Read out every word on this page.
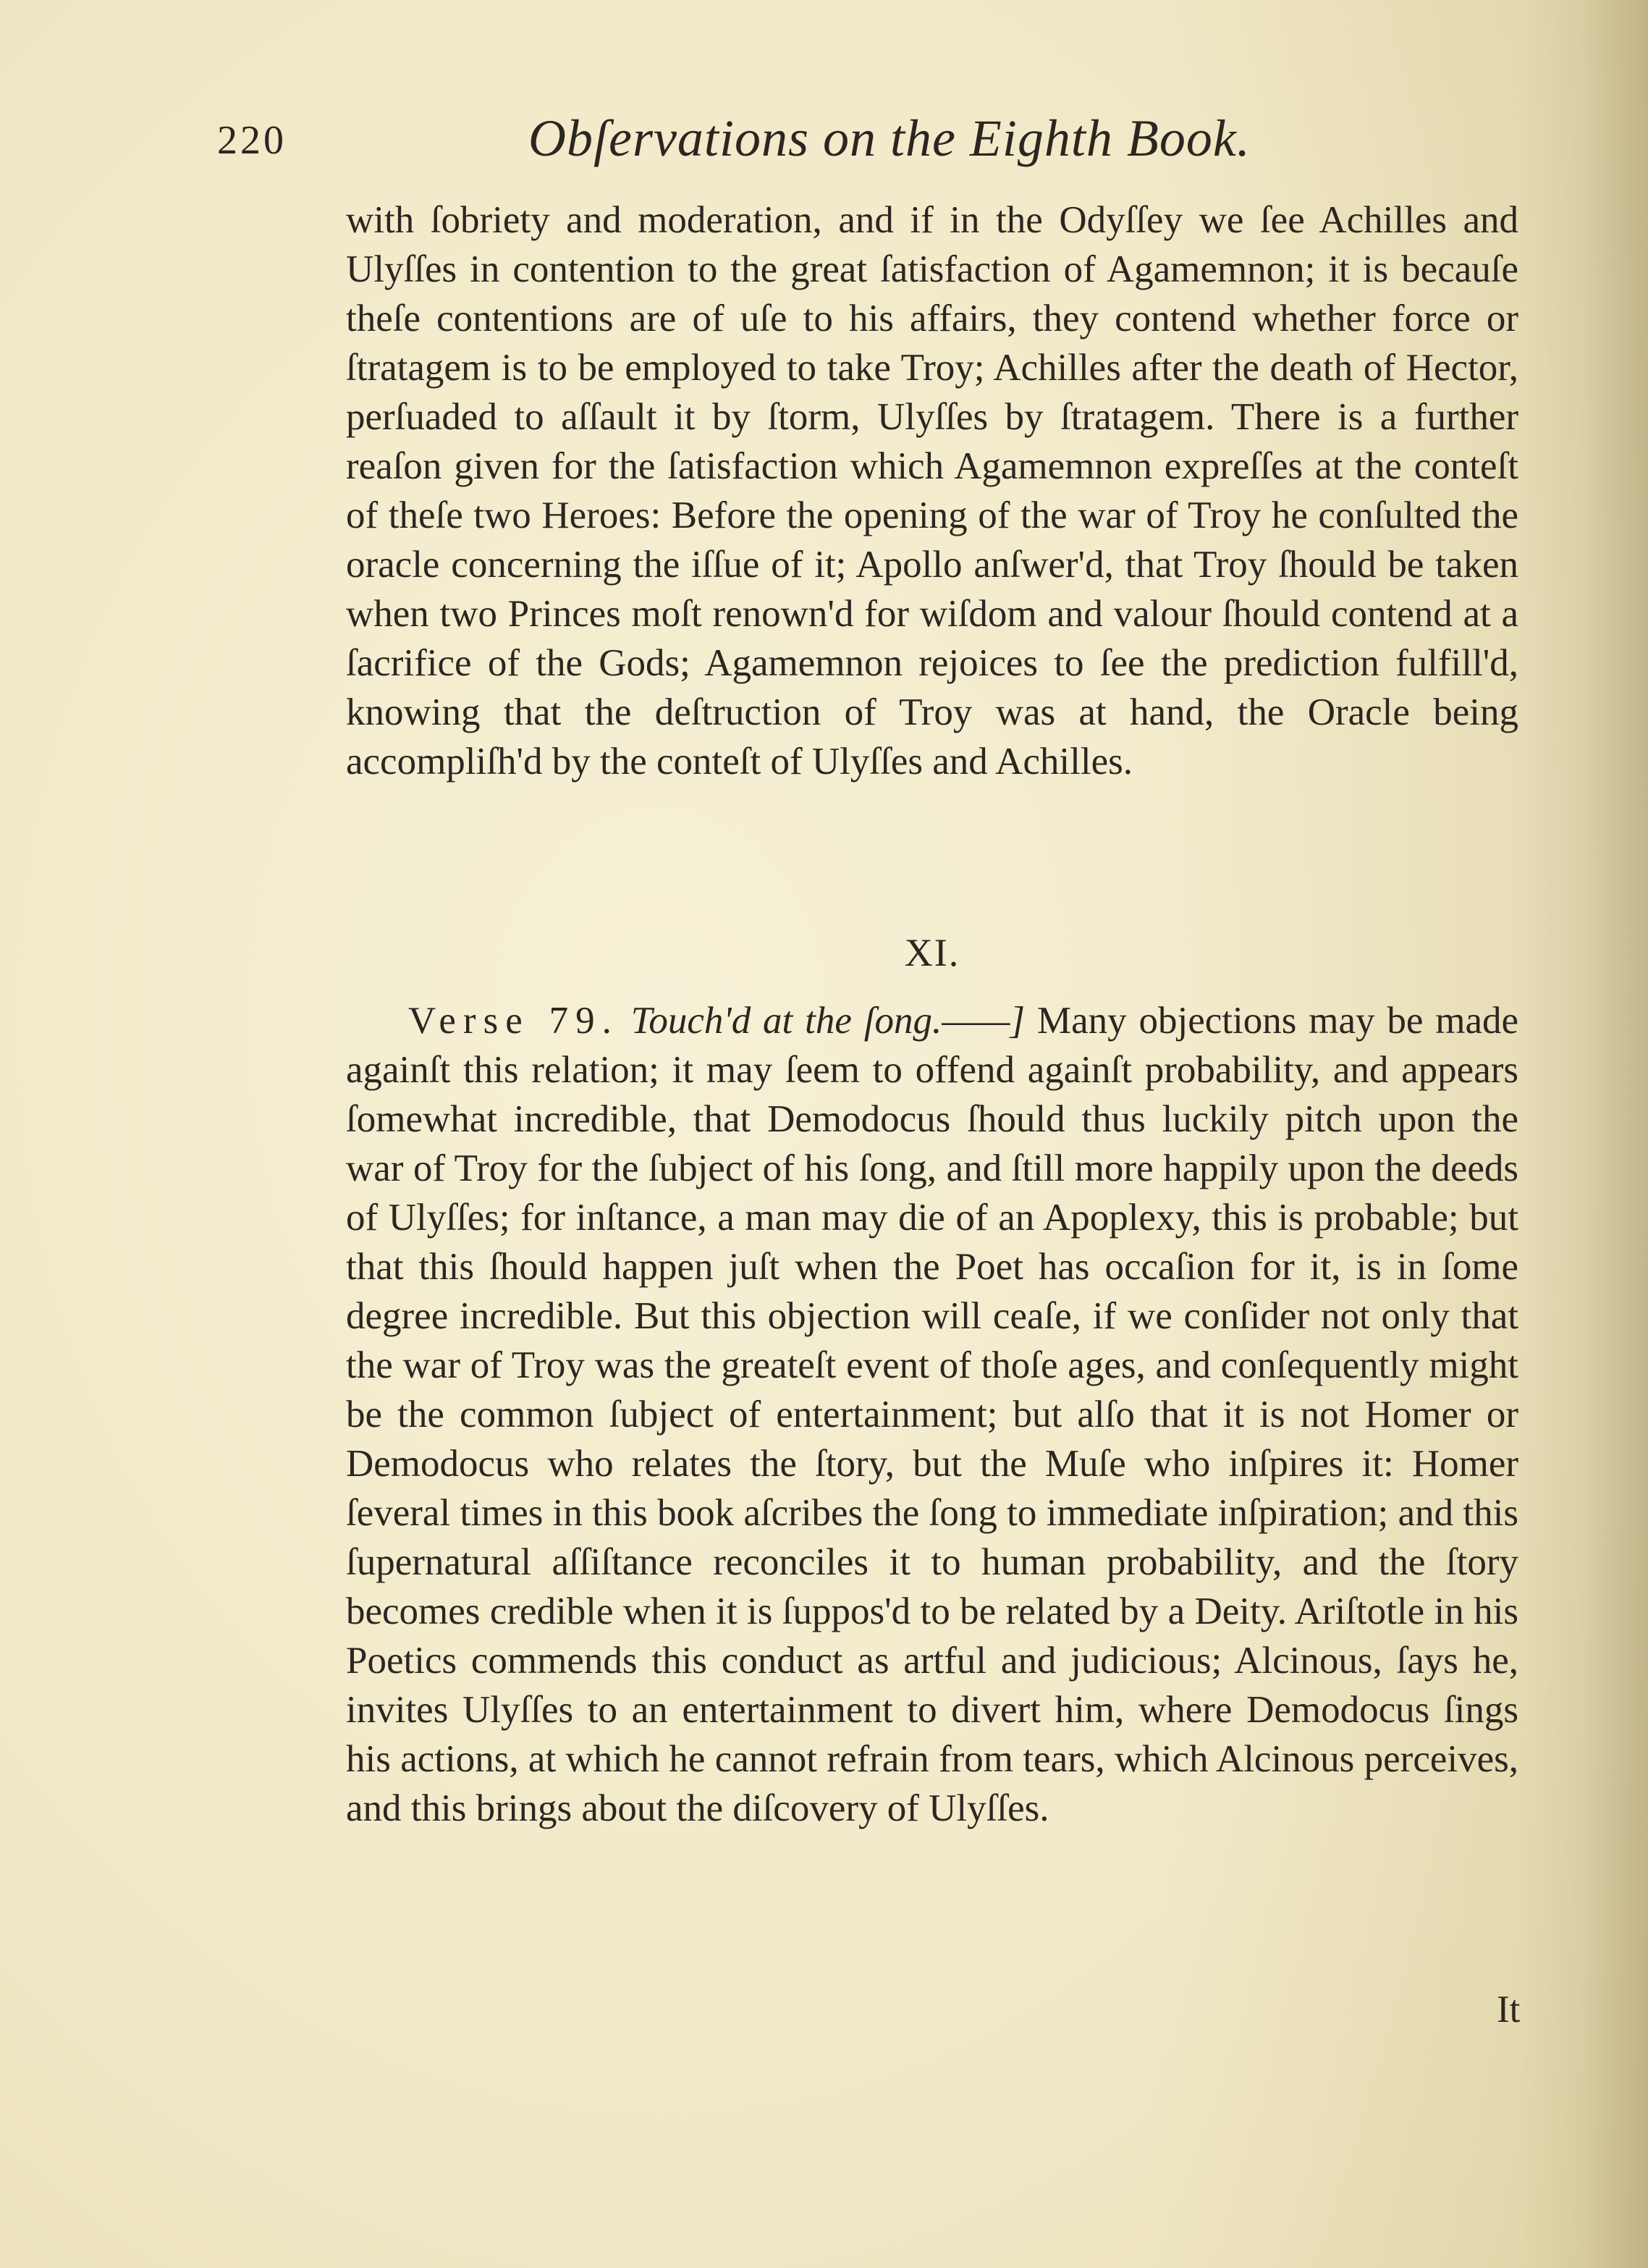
220	Obſervations on the Eighth Book.

with ſobriety and moderation, and if in the Odyſſey we ſee Achilles and Ulyſſes in contention to the great ſatisfaction of Agamemnon; it is becauſe theſe contentions are of uſe to his affairs, they contend whether force or ſtratagem is to be employed to take Troy; Achilles after the death of Hector, perſuaded to aſſault it by ſtorm, Ulyſſes by ſtratagem. There is a further reaſon given for the ſatisfaction which Agamemnon expreſſes at the conteſt of theſe two Heroes: Before the opening of the war of Troy he conſulted the oracle concerning the iſſue of it; Apollo anſwer'd, that Troy ſhould be taken when two Princes moſt renown'd for wiſdom and valour ſhould contend at a ſacrifice of the Gods; Agamemnon rejoices to ſee the prediction fulfill'd, knowing that the deſtruction of Troy was at hand, the Oracle being accompliſh'd by the conteſt of Ulyſſes and Achilles.

XI.

Verse 79. Touch'd at the ſong.——] Many objections may be made againſt this relation; it may ſeem to offend againſt probability, and appears ſomewhat incredible, that Demodocus ſhould thus luckily pitch upon the war of Troy for the ſubject of his ſong, and ſtill more happily upon the deeds of Ulyſſes; for inſtance, a man may die of an Apoplexy, this is probable; but that this ſhould happen juſt when the Poet has occaſion for it, is in ſome degree incredible. But this objection will ceaſe, if we conſider not only that the war of Troy was the greateſt event of thoſe ages, and conſequently might be the common ſubject of entertainment; but alſo that it is not Homer or Demodocus who relates the ſtory, but the Muſe who inſpires it: Homer ſeveral times in this book aſcribes the ſong to immediate inſpiration; and this ſupernatural aſſiſtance reconciles it to human probability, and the ſtory becomes credible when it is ſuppos'd to be related by a Deity. Ariſtotle in his Poetics commends this conduct as artful and judicious; Alcinous, ſays he, invites Ulyſſes to an entertainment to divert him, where Demodocus ſings his actions, at which he cannot refrain from tears, which Alcinous perceives, and this brings about the diſcovery of Ulyſſes.

It
